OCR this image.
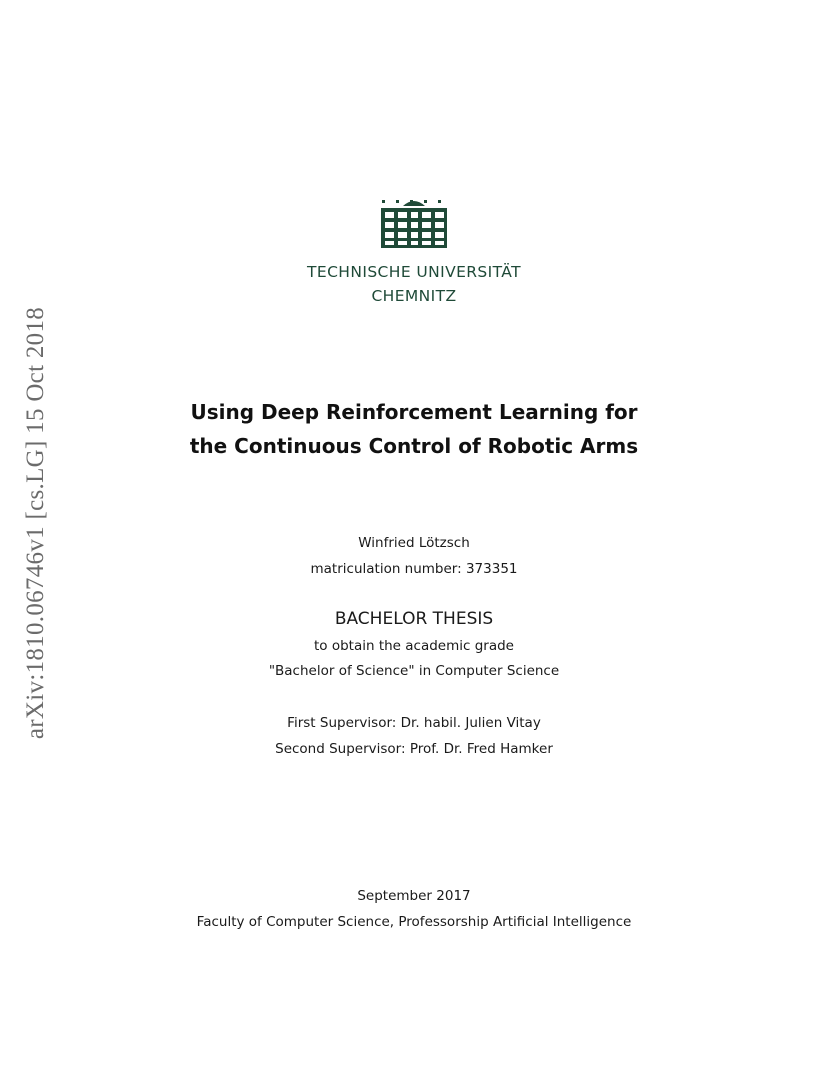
arXiv:1810.06746v1 [cs.LG] 15 Oct 2018
TECHNISCHE UNIVERSITÄT
CHEMNITZ
Using Deep Reinforcement Learning for
the Continuous Control of Robotic Arms
Winfried Lötzsch
matriculation number: 373351
BACHELOR THESIS
to obtain the academic grade
"Bachelor of Science" in Computer Science
First Supervisor: Dr. habil. Julien Vitay
Second Supervisor: Prof. Dr. Fred Hamker
September 2017
Faculty of Computer Science, Professorship Artificial Intelligence
